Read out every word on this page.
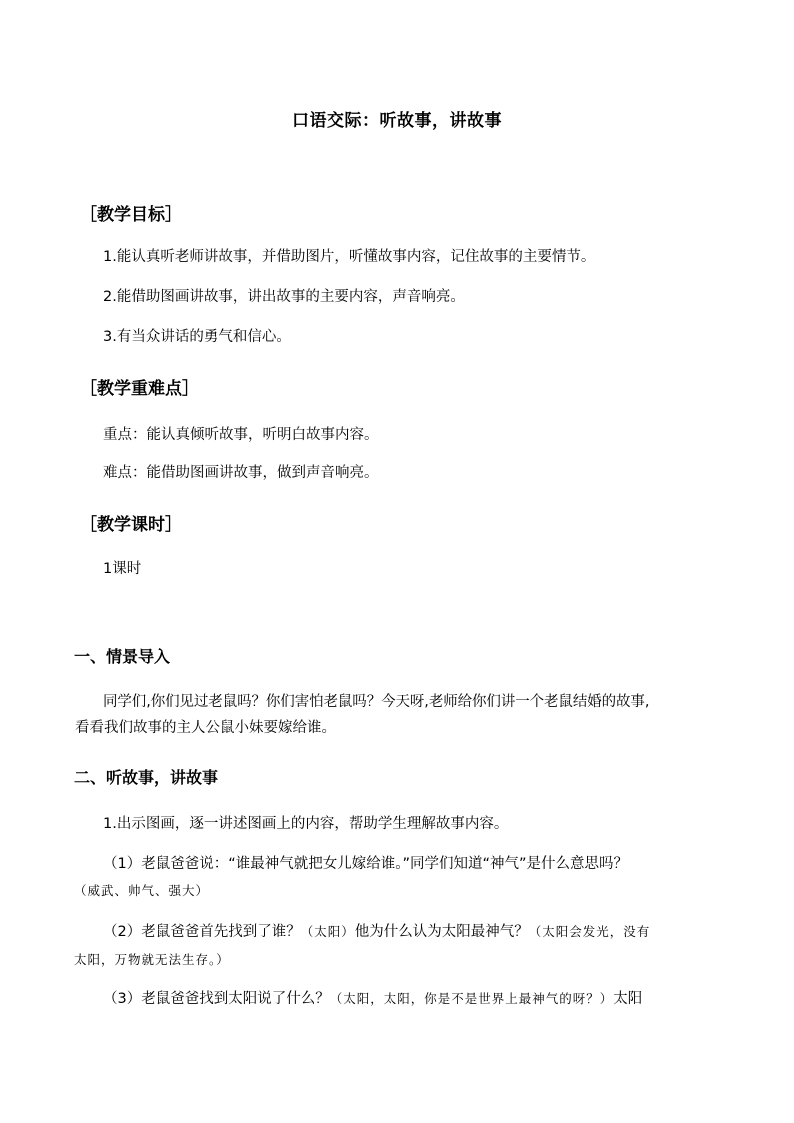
口语交际：听故事，讲故事
［教学目标］
1.能认真听老师讲故事，并借助图片，听懂故事内容，记住故事的主要情节。
2.能借助图画讲故事，讲出故事的主要内容，声音响亮。
3.有当众讲话的勇气和信心。
［教学重难点］
重点：能认真倾听故事，听明白故事内容。
难点：能借助图画讲故事，做到声音响亮。
［教学课时］
1课时
一、情景导入
同学们,你们见过老鼠吗？你们害怕老鼠吗？今天呀,老师给你们讲一个老鼠结婚的故事,
看看我们故事的主人公鼠小妹要嫁给谁。
二、听故事，讲故事
1.出示图画，逐一讲述图画上的内容，帮助学生理解故事内容。
（1）老鼠爸爸说：“谁最神气就把女儿嫁给谁。”同学们知道“神气”是什么意思吗？
（威武、帅气、强大）
（2）老鼠爸爸首先找到了谁？（太阳）他为什么认为太阳最神气？（太阳会发光，没有
太阳，万物就无法生存。）
（3）老鼠爸爸找到太阳说了什么？（太阳，太阳，你是不是世界上最神气的呀？）太阳
